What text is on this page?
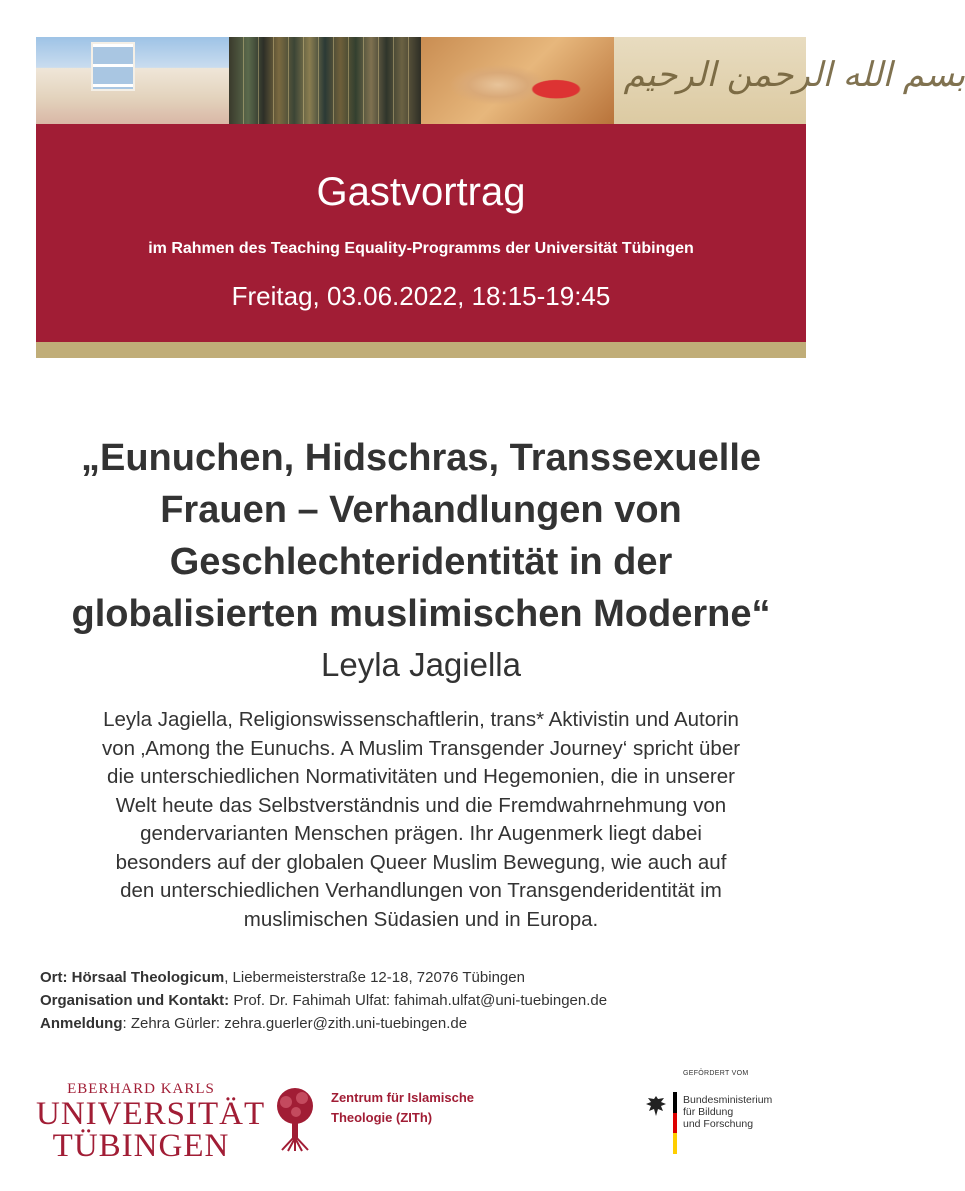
بسم الله الرحمن الرحيم

Gastvortrag

im Rahmen des Teaching Equality-Programms der Universität Tübingen

Freitag, 03.06.2022, 18:15-19:45

„Eunuchen, Hidschras, Transsexuelle
Frauen – Verhandlungen von
Geschlechteridentität in der
globalisierten muslimischen Moderne“

Leyla Jagiella

Leyla Jagiella, Religionswissenschaftlerin, trans* Aktivistin und Autorin
von ‚Among the Eunuchs. A Muslim Transgender Journey‘ spricht über
die unterschiedlichen Normativitäten und Hegemonien, die in unserer
Welt heute das Selbstverständnis und die Fremdwahrnehmung von
gendervarianten Menschen prägen. Ihr Augenmerk liegt dabei
besonders auf der globalen Queer Muslim Bewegung, wie auch auf
den unterschiedlichen Verhandlungen von Transgenderidentität im
muslimischen Südasien und in Europa.

Ort: Hörsaal Theologicum, Liebermeisterstraße 12-18, 72076 Tübingen
Organisation und Kontakt: Prof. Dr. Fahimah Ulfat: fahimah.ulfat@uni-tuebingen.de
Anmeldung: Zehra Gürler: zehra.guerler@zith.uni-tuebingen.de
EBERHARD KARLS
UNIVERSITÄT
TÜBINGEN
Zentrum für Islamische
Theologie (ZITh)
GEFÖRDERT VOM
Bundesministerium
für Bildung
und Forschung
